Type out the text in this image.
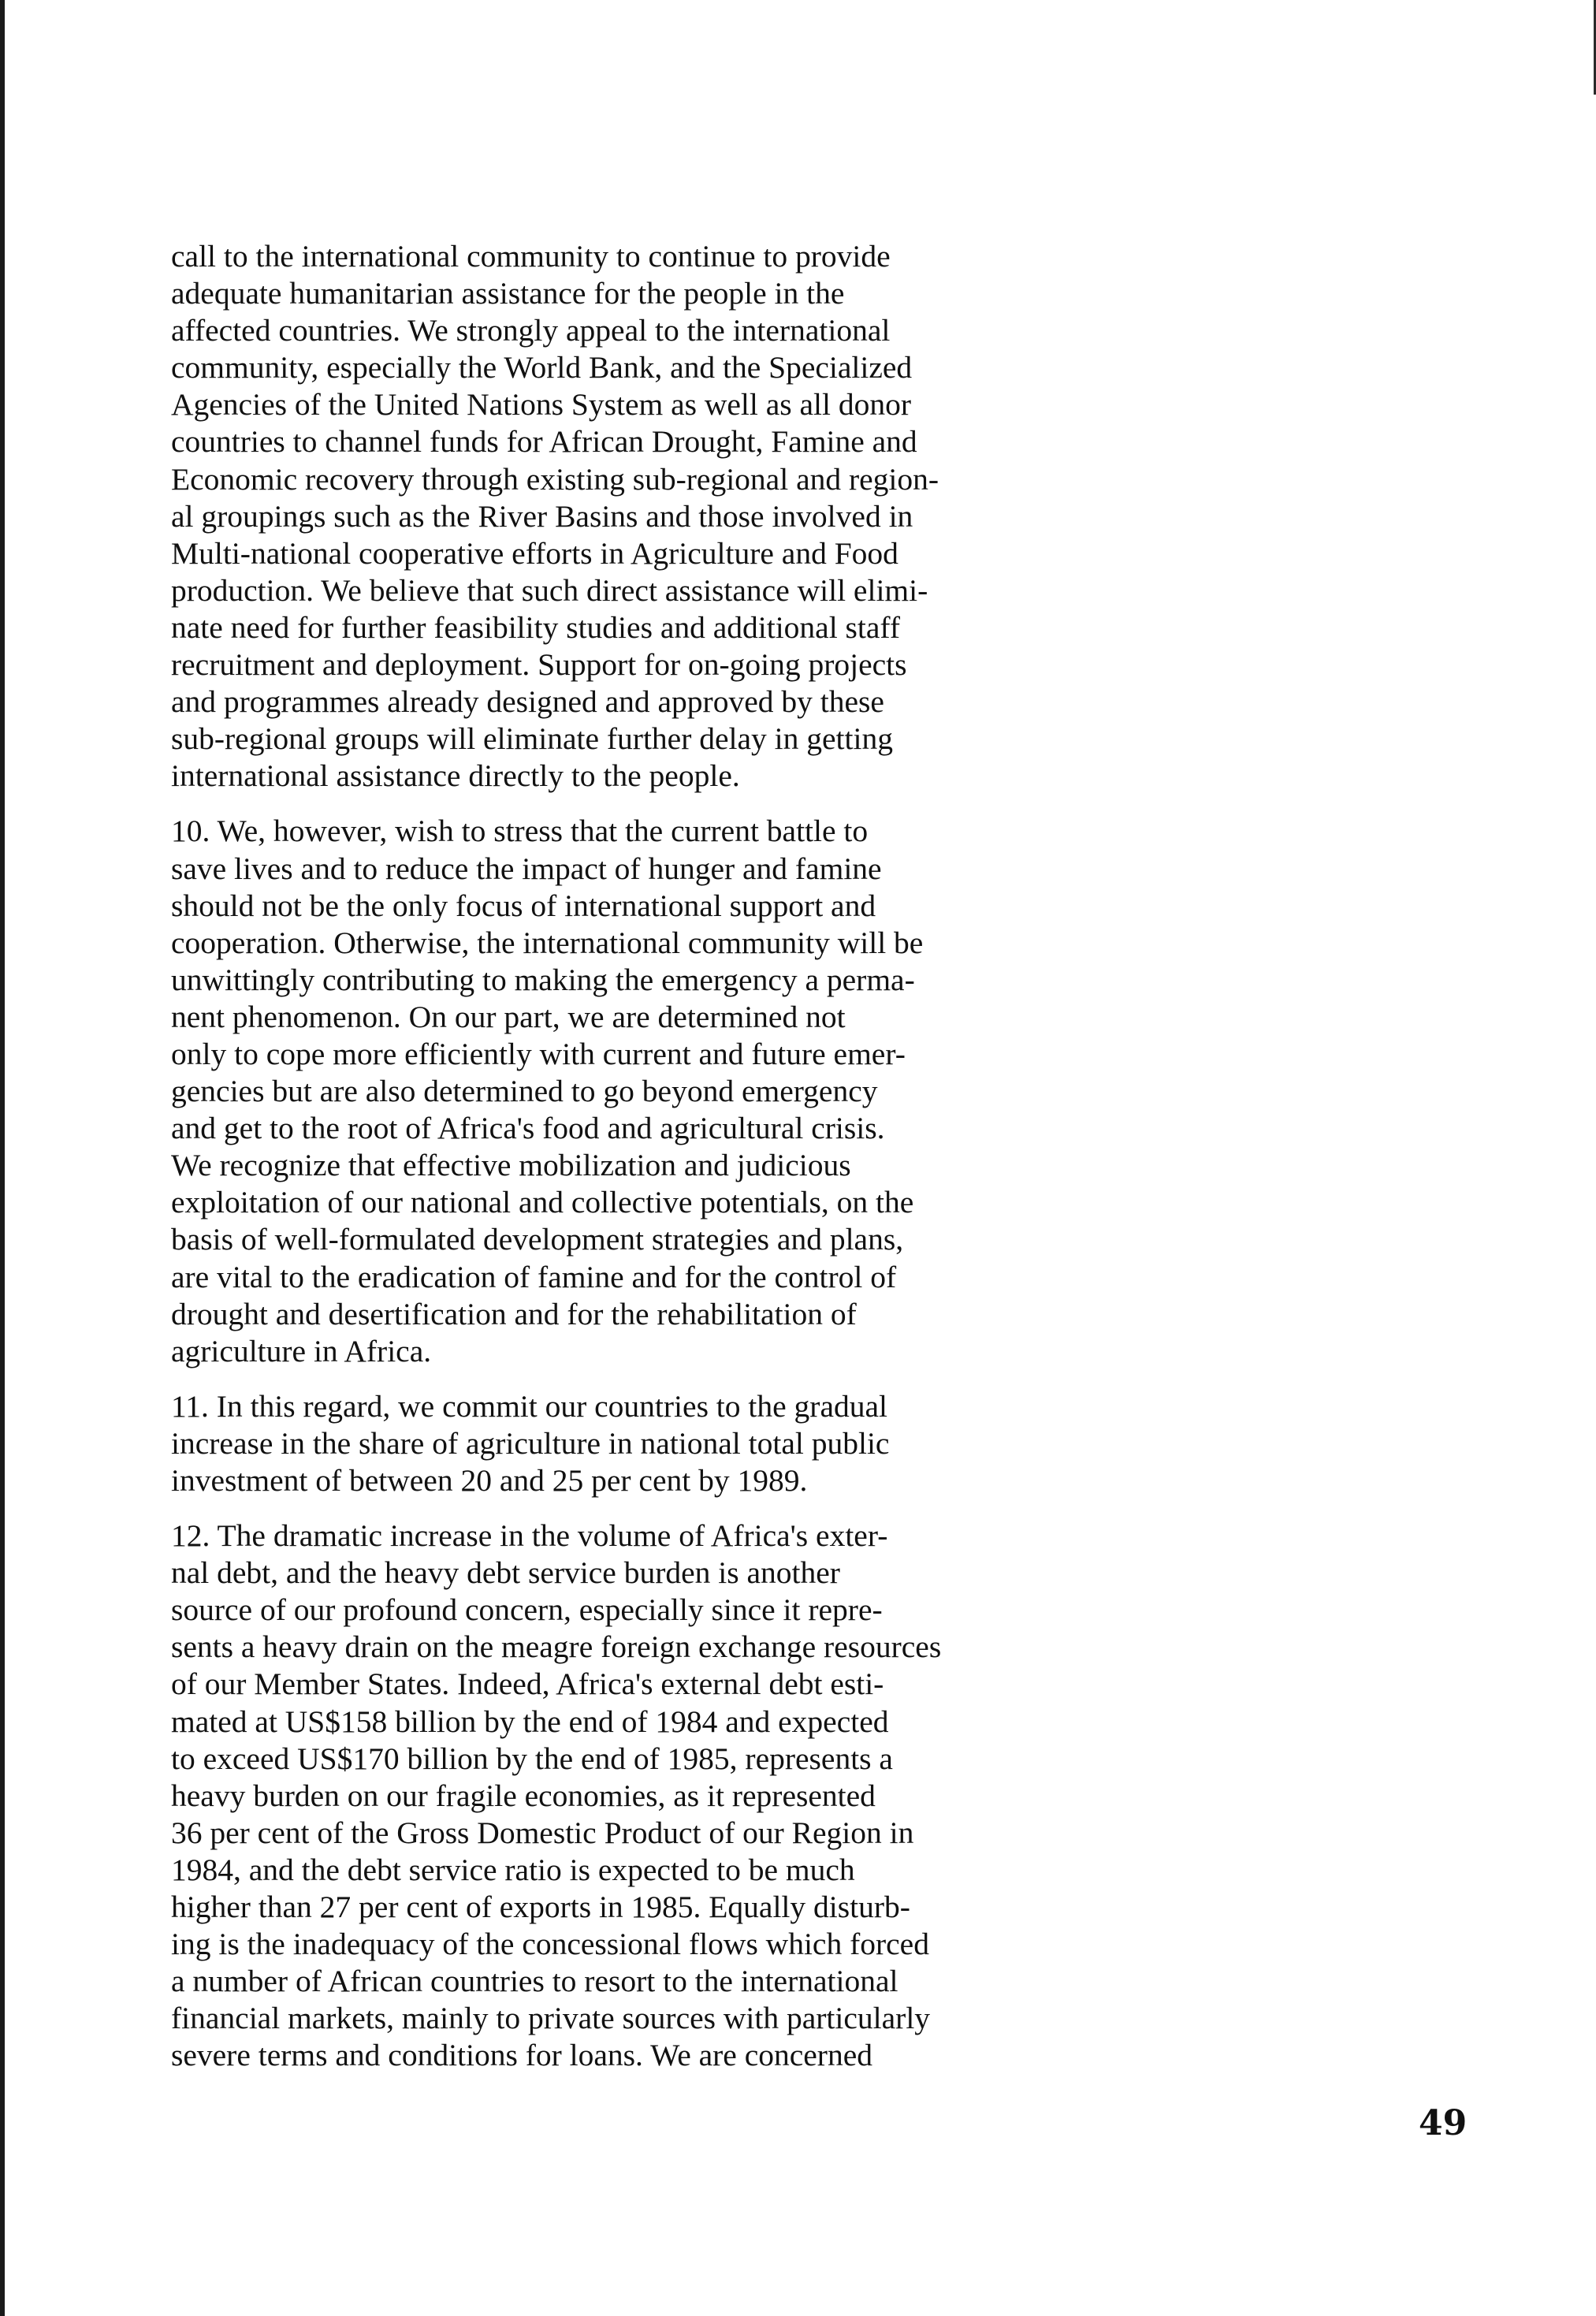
call to the international community to continue to provide
adequate humanitarian assistance for the people in the
affected countries. We strongly appeal to the international
community, especially the World Bank, and the Specialized
Agencies of the United Nations System as well as all donor
countries to channel funds for African Drought, Famine and
Economic recovery through existing sub-regional and region-
al groupings such as the River Basins and those involved in
Multi-national cooperative efforts in Agriculture and Food
production. We believe that such direct assistance will elimi-
nate need for further feasibility studies and additional staff
recruitment and deployment. Support for on-going projects
and programmes already designed and approved by these
sub-regional groups will eliminate further delay in getting
international assistance directly to the people.
10. We, however, wish to stress that the current battle to
save lives and to reduce the impact of hunger and famine
should not be the only focus of international support and
cooperation. Otherwise, the international community will be
unwittingly contributing to making the emergency a perma-
nent phenomenon. On our part, we are determined not
only to cope more efficiently with current and future emer-
gencies but are also determined to go beyond emergency
and get to the root of Africa's food and agricultural crisis.
We recognize that effective mobilization and judicious
exploitation of our national and collective potentials, on the
basis of well-formulated development strategies and plans,
are vital to the eradication of famine and for the control of
drought and desertification and for the rehabilitation of
agriculture in Africa.
11. In this regard, we commit our countries to the gradual
increase in the share of agriculture in national total public
investment of between 20 and 25 per cent by 1989.
12. The dramatic increase in the volume of Africa's exter-
nal debt, and the heavy debt service burden is another
source of our profound concern, especially since it repre-
sents a heavy drain on the meagre foreign exchange resources
of our Member States. Indeed, Africa's external debt esti-
mated at US$158 billion by the end of 1984 and expected
to exceed US$170 billion by the end of 1985, represents a
heavy burden on our fragile economies, as it represented
36 per cent of the Gross Domestic Product of our Region in
1984, and the debt service ratio is expected to be much
higher than 27 per cent of exports in 1985. Equally disturb-
ing is the inadequacy of the concessional flows which forced
a number of African countries to resort to the international
financial markets, mainly to private sources with particularly
severe terms and conditions for loans. We are concerned
49
